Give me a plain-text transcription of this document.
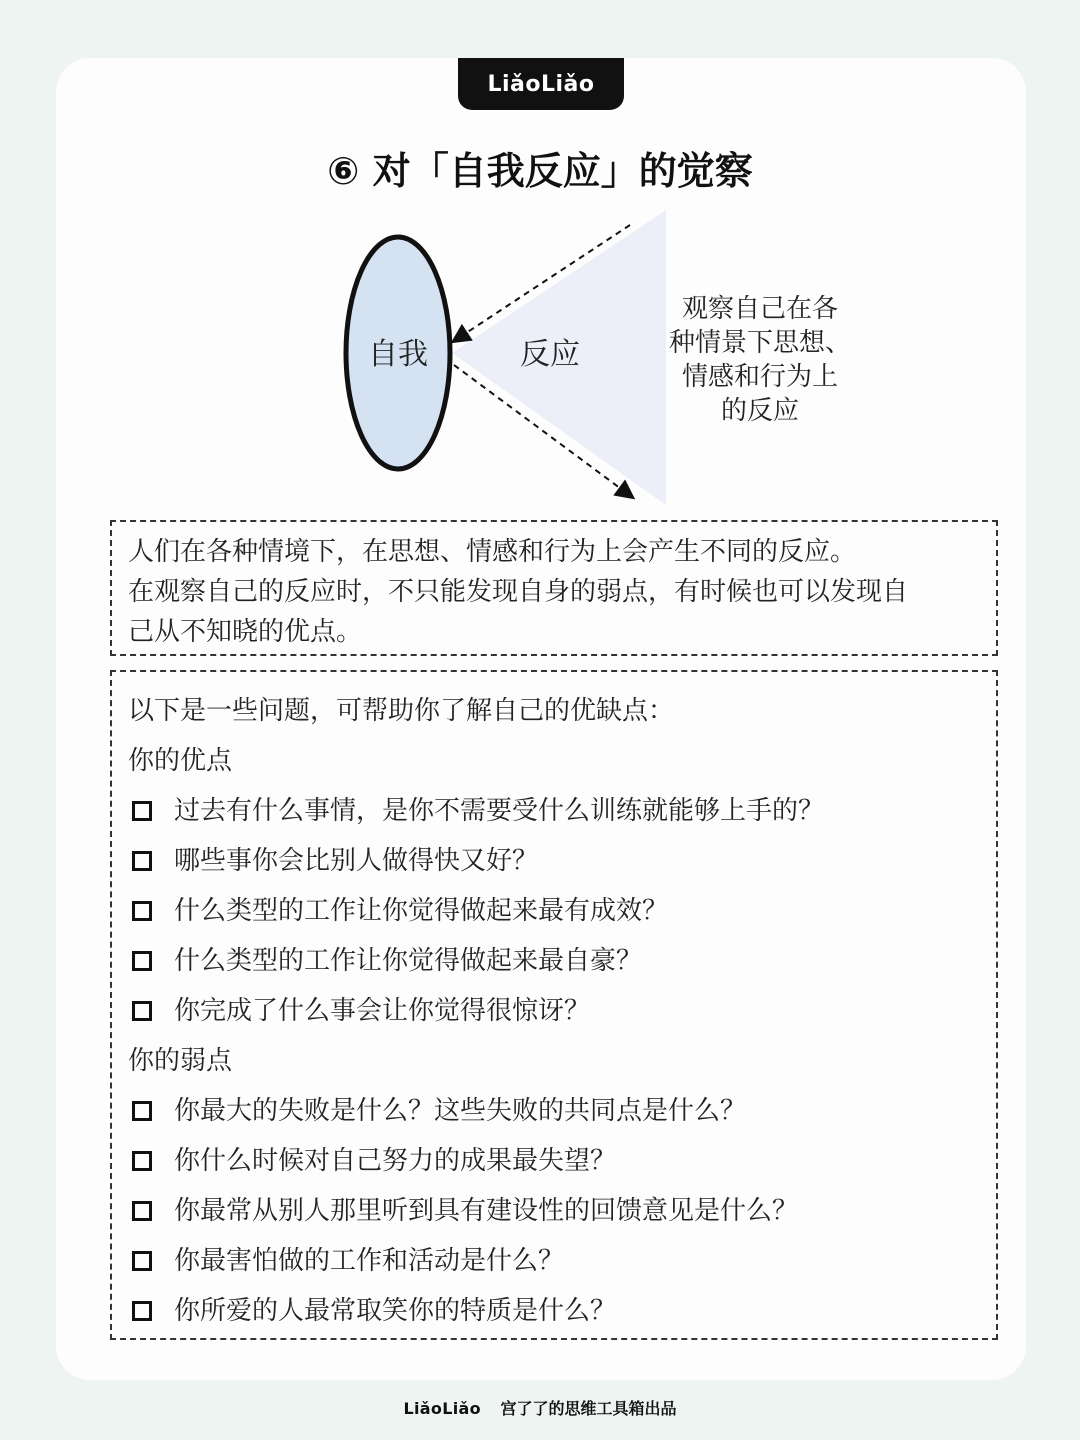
LiǎoLiǎo
⑥ 对「自我反应」的觉察
自我	反应
观察自己在各
种情景下思想、
情感和行为上
的反应

人们在各种情境下，在思想、情感和行为上会产生不同的反应。

在观察自己的反应时，不只能发现自身的弱点，有时候也可以发现自

己从不知晓的优点。

以下是一些问题，可帮助你了解自己的优缺点：
你的优点
过去有什么事情，是你不需要受什么训练就能够上手的？
哪些事你会比别人做得快又好？
什么类型的工作让你觉得做起来最有成效？
什么类型的工作让你觉得做起来最自豪？
你完成了什么事会让你觉得很惊讶？
你的弱点
你最大的失败是什么？这些失败的共同点是什么？
你什么时候对自己努力的成果最失望？
你最常从别人那里听到具有建设性的回馈意见是什么？
你最害怕做的工作和活动是什么？
你所爱的人最常取笑你的特质是什么？
LiǎoLiǎo 宫了了的思维工具箱出品
